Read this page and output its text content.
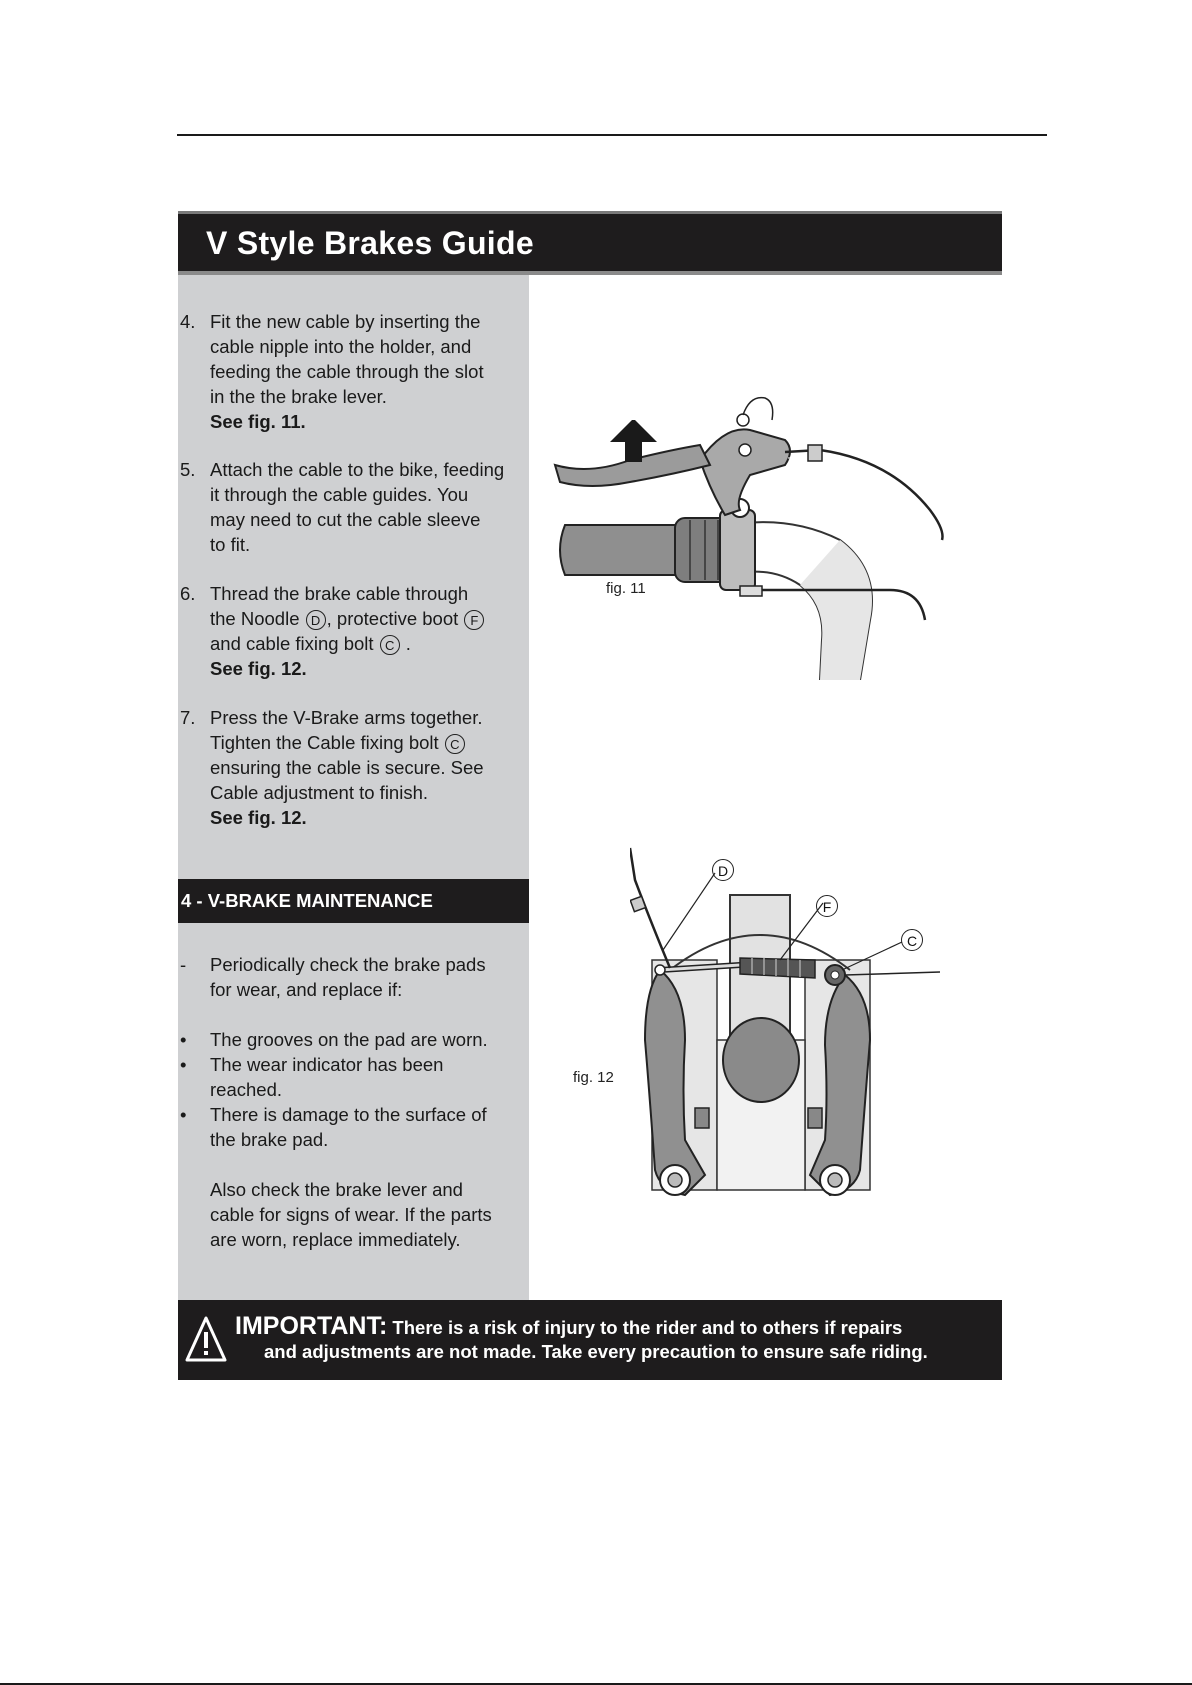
V Style Brakes Guide
4. Fit the new cable by inserting the
cable nipple into the holder, and
feeding the cable through the slot
in the the brake lever.
See fig. 11.
5. Attach the cable to the bike, feeding
it through the cable guides. You
may need to cut the cable sleeve
to fit.
6. Thread the brake cable through
the Noodle D , protective boot F
and cable fixing bolt C .
See fig. 12.
7. Press the V-Brake arms together.
Tighten the Cable fixing bolt C
ensuring the cable is secure. See
Cable adjustment to finish.
See fig. 12.
4 - V-BRAKE MAINTENANCE
-	Periodically check the brake pads
for wear, and replace if:
•	The grooves on the pad are worn.
•	The wear indicator has been
reached.
•	There is damage to the surface of
the brake pad.
Also check the brake lever and
cable for signs of wear. If the parts
are worn, replace immediately.
fig. 11
D
F
C
fig. 12
IMPORTANT: There is a risk of injury to the rider and to others if repairs
and adjustments are not made. Take every precaution to ensure safe riding.
